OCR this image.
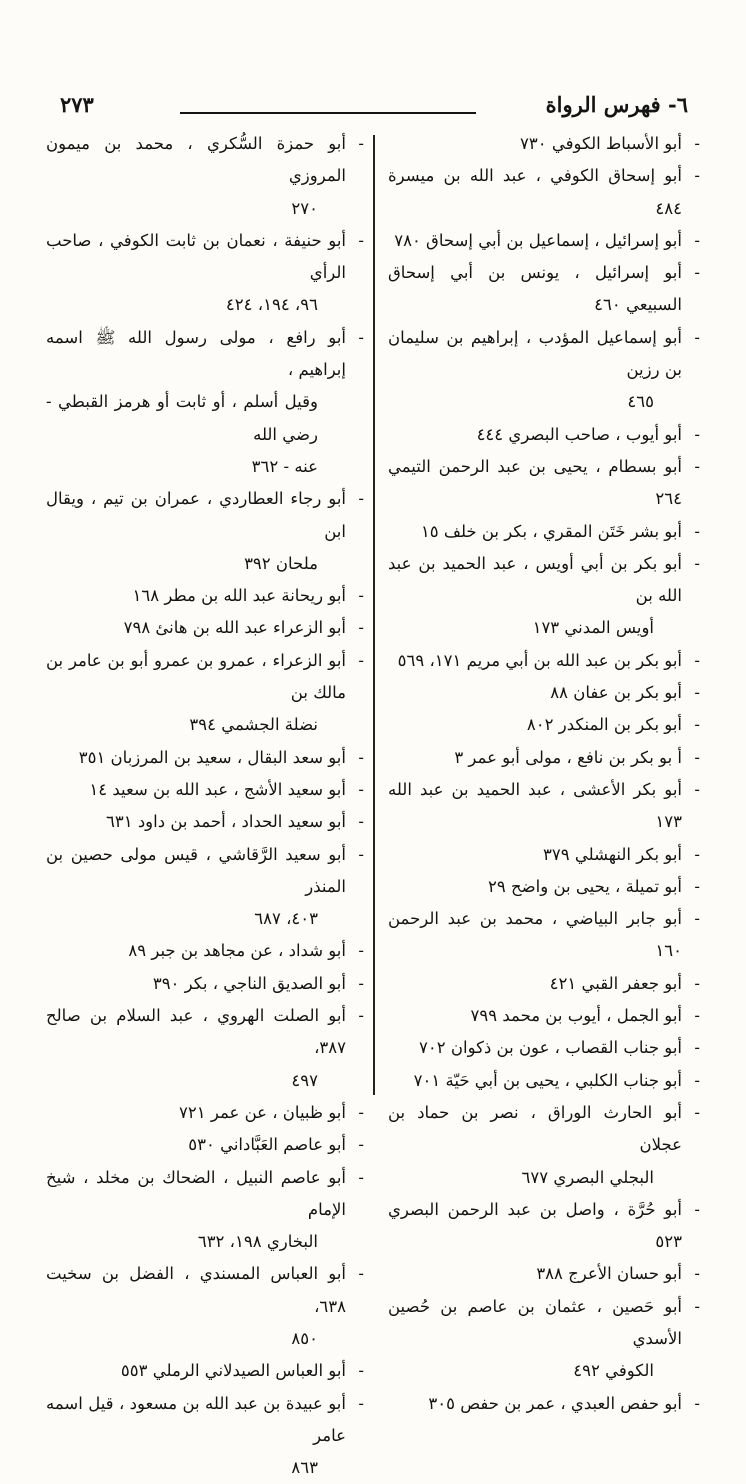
٦- فهرس الرواة
٢٧٣
-
أبو الأسباط الكوفي ٧٣٠
-
أبو إسحاق الكوفي ، عبد الله بن ميسرة ٤٨٤
-
أبو إسرائيل ، إسماعيل بن أبي إسحاق ٧٨٠
-
أبو إسرائيل ، يونس بن أبي إسحاق السبيعي ٤٦٠
-
أبو إسماعيل المؤدب ، إبراهيم بن سليمان بن رزين
٤٦٥
-
أبو أيوب ، صاحب البصري ٤٤٤
-
أبو بسطام ، يحيى بن عبد الرحمن التيمي ٢٦٤
-
أبو بشر خَتَن المقري ، بكر بن خلف ١٥
-
أبو بكر بن أبي أويس ، عبد الحميد بن عبد الله بن
أويس المدني ١٧٣
-
أبو بكر بن عبد الله بن أبي مريم ١٧١، ٥٦٩
-
أبو بكر بن عفان ٨٨
-
أبو بكر بن المنكدر ٨٠٢
-
أ بو بكر بن نافع ، مولى أبو عمر ٣
-
أبو بكر الأعشى ، عبد الحميد بن عبد الله ١٧٣
-
أبو بكر النهشلي ٣٧٩
-
أبو تميلة ، يحيى بن واضح ٢٩
-
أبو جابر البياضي ، محمد بن عبد الرحمن ١٦٠
-
أبو جعفر القبي ٤٢١
-
أبو الجمل ، أيوب بن محمد ٧٩٩
-
أبو جناب القصاب ، عون بن ذكوان ٧٠٢
-
أبو جناب الكلبي ، يحيى بن أبي حَيّة ٧٠١
-
أبو الحارث الوراق ، نصر بن حماد بن عجلان
البجلي البصري ٦٧٧
-
أبو حُرَّة ، واصل بن عبد الرحمن البصري ٥٢٣
-
أبو حسان الأعرج ٣٨٨
-
أبو حَصين ، عثمان بن عاصم بن حُصين الأسدي
الكوفي ٤٩٢
-
أبو حفص العبدي ، عمر بن حفص ٣٠٥
-
أبو حمزة السُّكري ، محمد بن ميمون المروزي
٢٧٠
-
أبو حنيفة ، نعمان بن ثابت الكوفي ، صاحب الرأي
٩٦، ١٩٤، ٤٢٤
-
أبو رافع ، مولى رسول الله ﷺ اسمه إبراهيم ،
وقيل أسلم ، أو ثابت أو هرمز القبطي - رضي الله
عنه - ٣٦٢
-
أبو رجاء العطاردي ، عمران بن تيم ، ويقال ابن
ملحان ٣٩٢
-
أبو ريحانة عبد الله بن مطر ١٦٨
-
أبو الزعراء عبد الله بن هانئ ٧٩٨
-
أبو الزعراء ، عمرو بن عمرو أبو بن عامر بن مالك بن
نضلة الجشمي ٣٩٤
-
أبو سعد البقال ، سعيد بن المرزبان ٣٥١
-
أبو سعيد الأشج ، عبد الله بن سعيد ١٤
-
أبو سعيد الحداد ، أحمد بن داود ٦٣١
-
أبو سعيد الرَّقاشي ، قيس مولى حصين بن المنذر
٤٠٣، ٦٨٧
-
أبو شداد ، عن مجاهد بن جبر ٨٩
-
أبو الصديق الناجي ، بكر ٣٩٠
-
أبو الصلت الهروي ، عبد السلام بن صالح ٣٨٧،
٤٩٧
-
أبو ظبيان ، عن عمر ٧٢١
-
أبو عاصم العَبَّاداني ٥٣٠
-
أبو عاصم النبيل ، الضحاك بن مخلد ، شيخ الإمام
البخاري ١٩٨، ٦٣٢
-
أبو العباس المسندي ، الفضل بن سخيت ٦٣٨،
٨٥٠
-
أبو العباس الصيدلاني الرملي ٥٥٣
-
أبو عبيدة بن عبد الله بن مسعود ، قيل اسمه عامر
٨٦٣
